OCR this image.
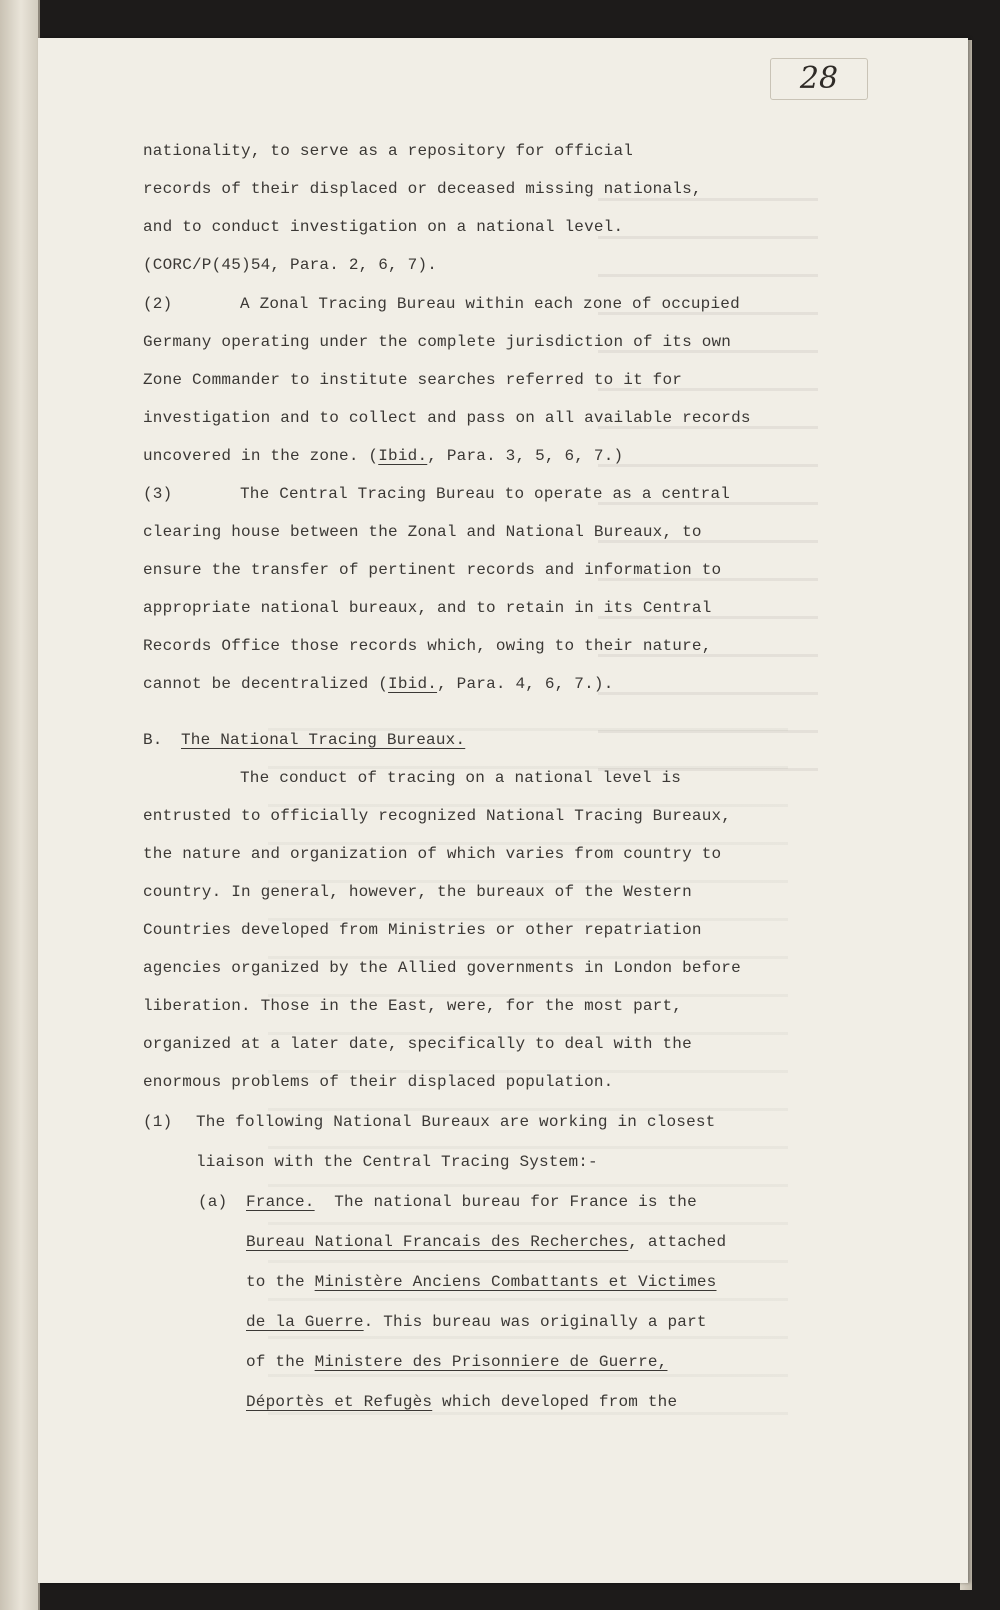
28

nationality, to serve as a repository for official

records of their displaced or deceased missing nationals,

and to conduct investigation on a national level.

(CORC/P(45)54, Para. 2, 6, 7).

(2)	A Zonal Tracing Bureau within each zone of occupied

Germany operating under the complete jurisdiction of its own

Zone Commander to institute searches referred to it for

investigation and to collect and pass on all available records

uncovered in the zone. (Ibid., Para. 3, 5, 6, 7.)

(3)	The Central Tracing Bureau to operate as a central

clearing house between the Zonal and National Bureaux, to

ensure the transfer of pertinent records and information to

appropriate national bureaux, and to retain in its Central

Records Office those records which, owing to their nature,

cannot be decentralized (Ibid., Para. 4, 6, 7.).

B. The National Tracing Bureaux.

The conduct of tracing on a national level is

entrusted to officially recognized National Tracing Bureaux,

the nature and organization of which varies from country to

country. In general, however, the bureaux of the Western

Countries developed from Ministries or other repatriation

agencies organized by the Allied governments in London before

liberation. Those in the East, were, for the most part,

organized at a later date, specifically to deal with the

enormous problems of their displaced population.

(1) The following National Bureaux are working in closest

liaison with the Central Tracing System:-

(a) France. The national bureau for France is the

Bureau National Francais des Recherches, attached

to the Ministère Anciens Combattants et Victimes

de la Guerre. This bureau was originally a part

of the Ministere des Prisonniere de Guerre,

Déportès et Refugès which developed from the
